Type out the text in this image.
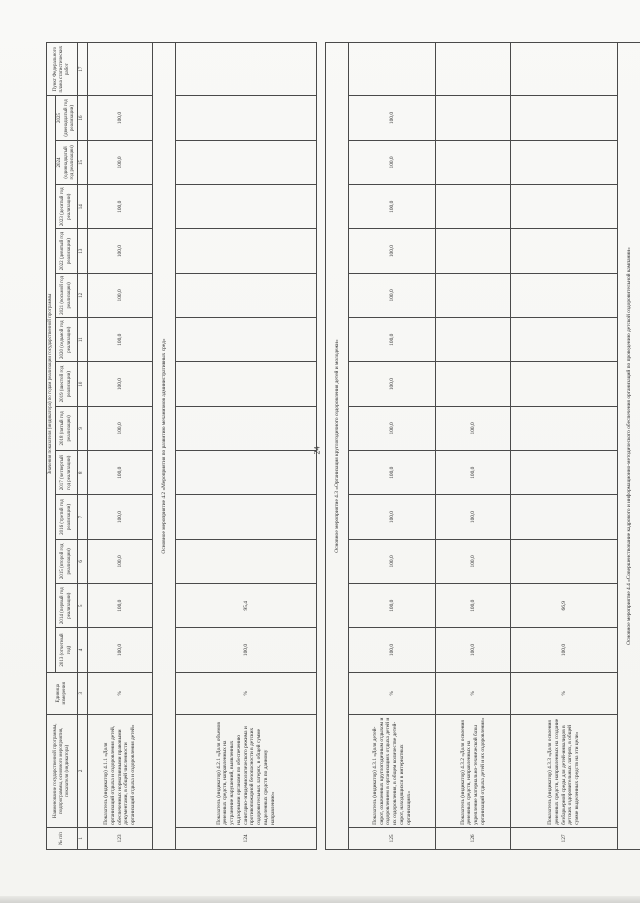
24
№ п/п	Наименование государственной программы, подпрограммы, основного мероприятия, показателя (индикатора)	Единица измерения	Значения показателя (индикатора) по годам реализации государственной программы													Пункт Федерального плана статистических работ
			2013 (отчетный год)	2014 (первый год реализации)	2015 (второй год реализации)	2016 (третий год реализации)	2017 (четвертый год реализации)	2018 (пятый год реализации)	2019 (шестой год реализации)	2020 (седьмой год реализации)	2021 (восьмой год реализации)	2022 (девятый год реализации)	2023 (десятый год реализации)	2024 (одиннадцатый год реализации)	2025 (двенадцатый год реализации)	
1	2	3	4	5	6	7	8	9	10	11	12	13	14	15	16	17
123	Показатель (индикатор) 4.1.1 «Доля организаций отдыха и оздоровления детей, обеспеченных нормативными правовыми документами, в общей численности организаций отдыха и оздоровления детей»	%	100,0	100,0	100,0	100,0	100,0	100,0	100,0	100,0	100,0	100,0	100,0	100,0	100,0	
Основное мероприятие 4.2 «Мероприятия по развитию механизмов административных сред»																
124	Показатель (индикатор) 4.2.1 «Доля объемов денежных средств, направленных на устранение нарушений, выявленных надзорными органами по обеспечению санитарно-эпидемиологического режима и противопожарной безопасности в детских оздоровительных лагерях, в общей сумме выделенных средств по данному направлению»	%	100,0	95,4												

Основное мероприятие 4.3 «Организация круглогодичного оздоровления детей и молодежи»																
125	Показатель (индикатор) 4.3.1 «Доля детей-сирот, охваченных круглогодичным отдыхом и оздоровлением в организациях отдыха детей и их оздоровления, в общем количестве детей-сирот, находящихся в интернатных организациях»	%	100,0	100,0	100,0	100,0	100,0	100,0	100,0	100,0	100,0	100,0	100,0	100,0	100,0	
126	Показатель (индикатор) 4.3.2 «Доля освоения денежных средств, направленных на укрепление материально-технической базы организаций отдыха детей и их оздоровления»	%	100,0	100,0	100,0	100,0	100,0	100,0								
127	Показатель (индикатор) 4.3.3 «Доля освоения денежных средств, направленных на создание безбарьерной среды для детей-инвалидов в детских оздоровительных лагерях, в общей сумме выделенных средств на эти цели»	%	100,0	66,9												
Основное мероприятие 4.4 «Совершенствование кадрового и информационно-методического обеспечения организаций по проведению детской оздоровительной кампании»																
